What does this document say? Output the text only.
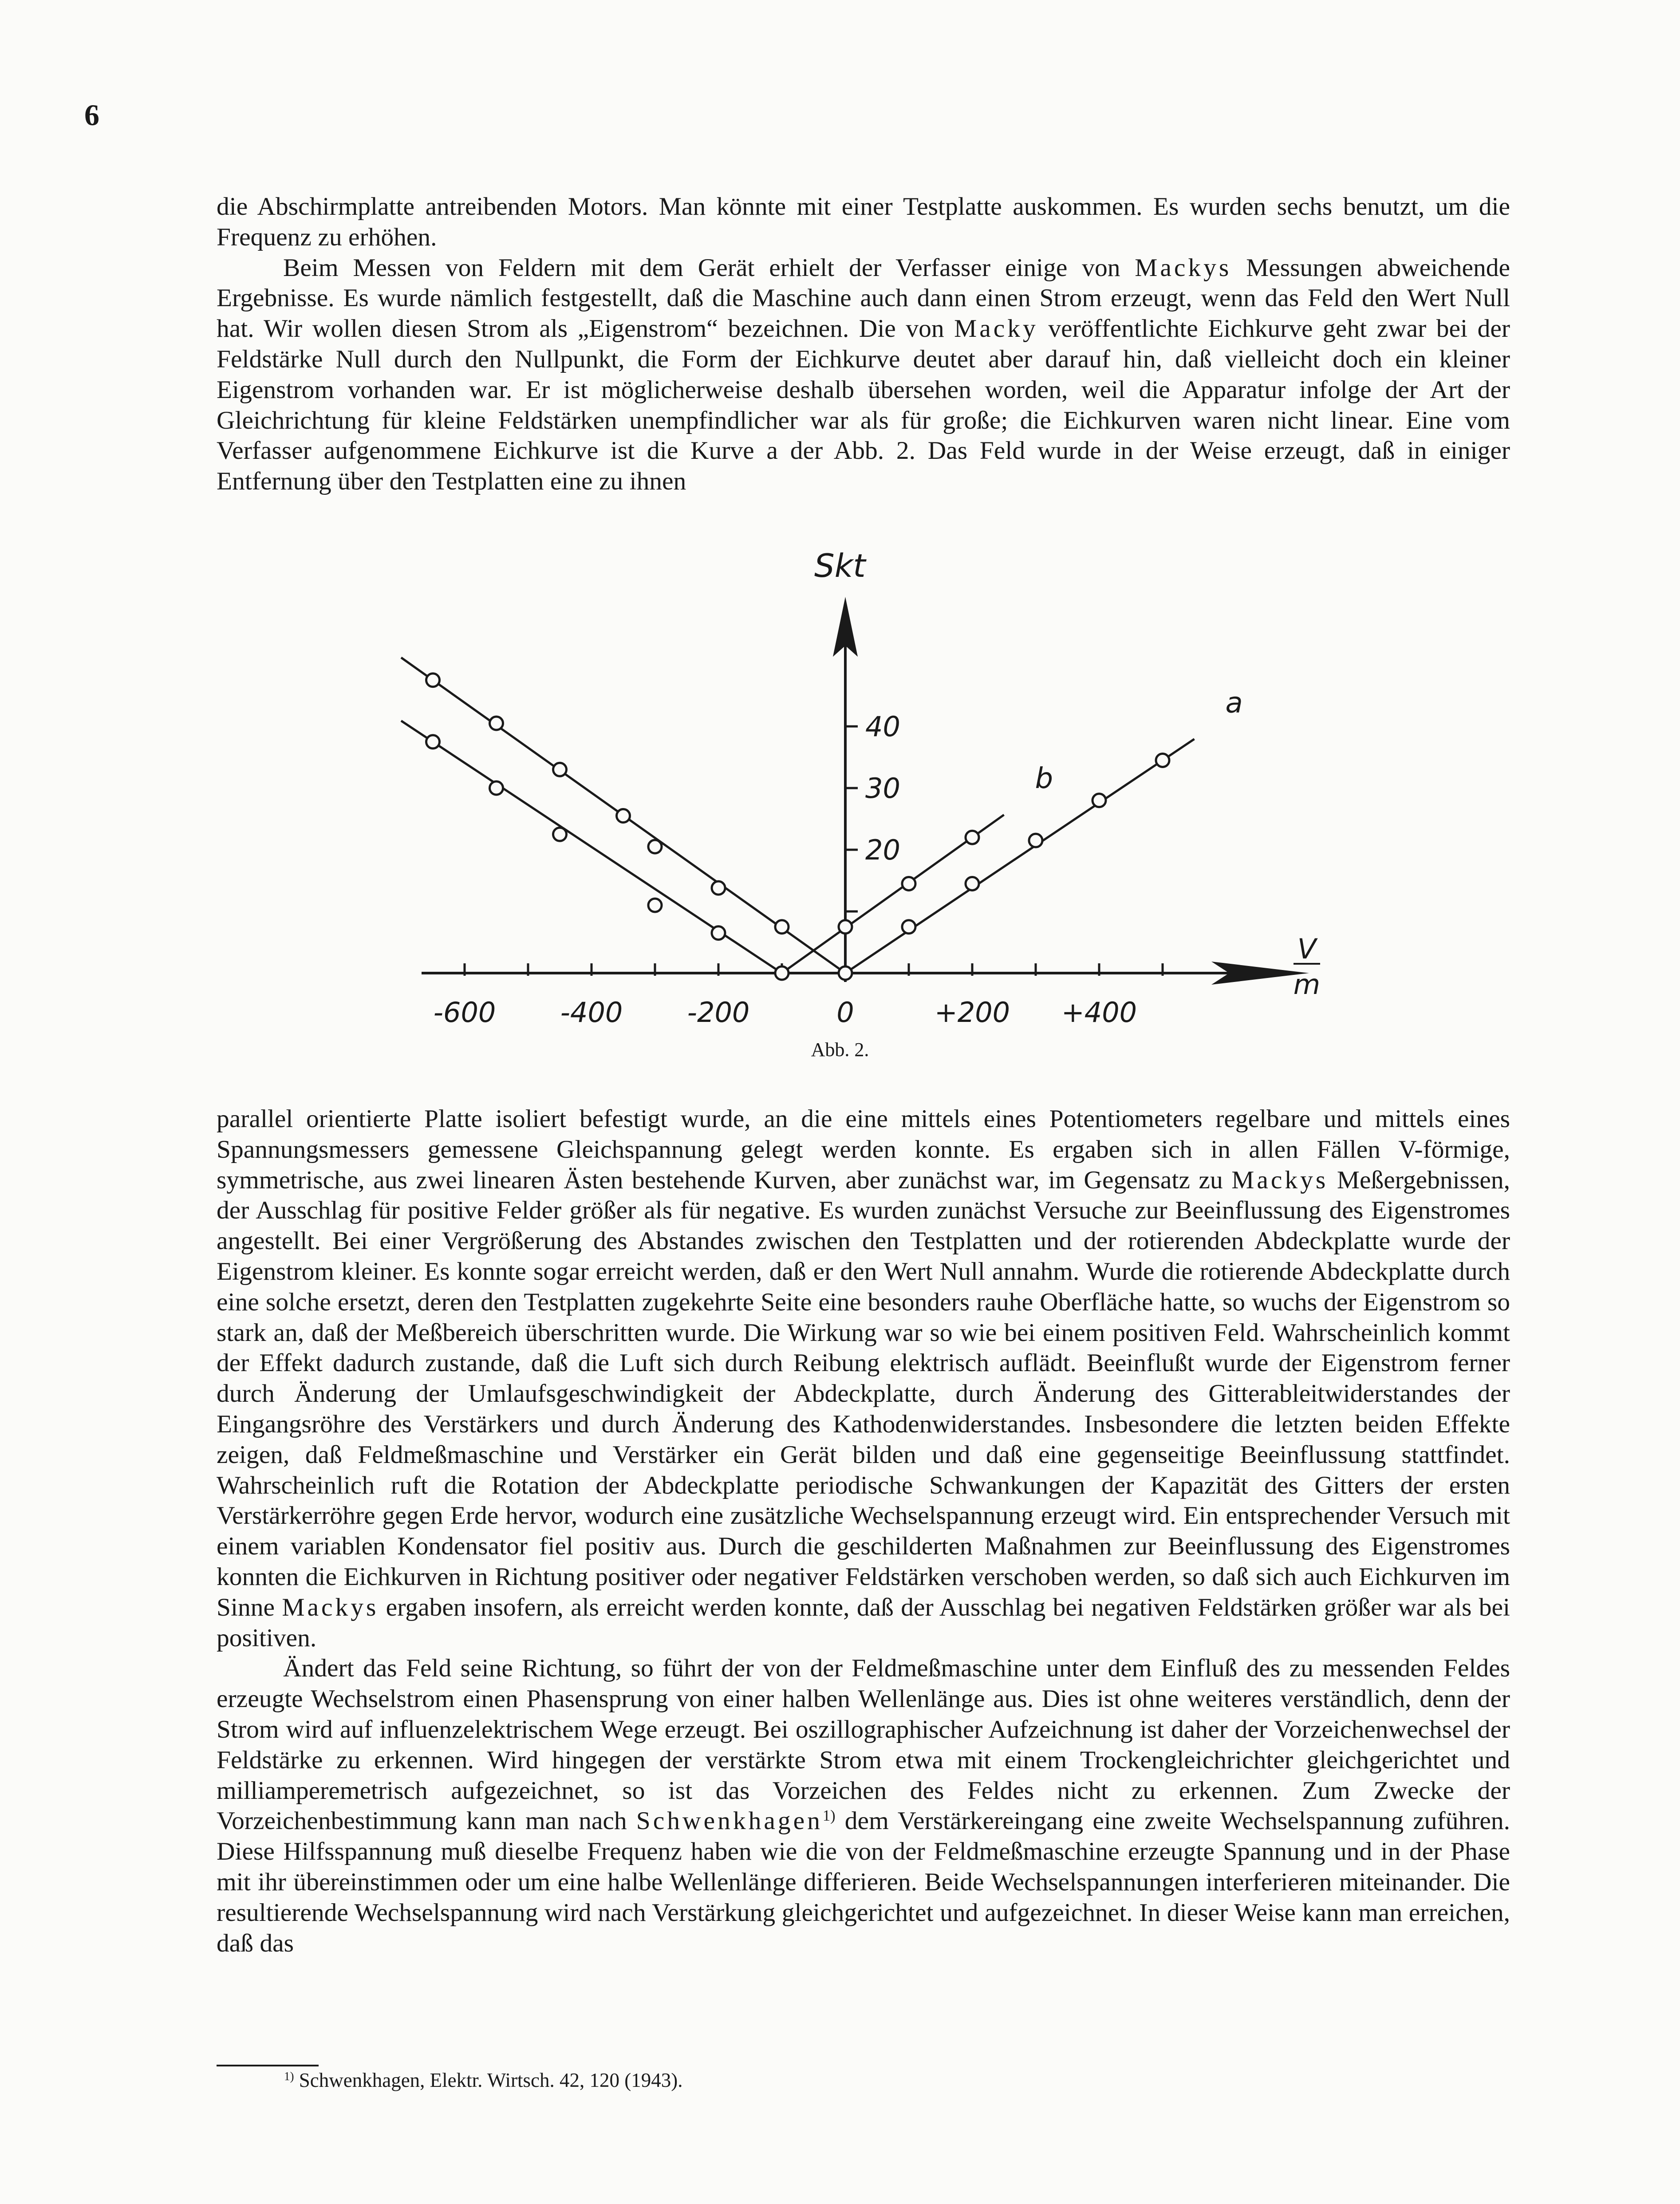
6

die Abschirmplatte antreibenden Motors. Man könnte mit einer Testplatte auskommen. Es wurden sechs benutzt, um die Frequenz zu erhöhen.

Beim Messen von Feldern mit dem Gerät erhielt der Verfasser einige von Mackys Messungen abweichende Ergebnisse. Es wurde nämlich festgestellt, daß die Maschine auch dann einen Strom erzeugt, wenn das Feld den Wert Null hat. Wir wollen diesen Strom als „Eigenstrom“ bezeichnen. Die von Macky veröffentlichte Eichkurve geht zwar bei der Feldstärke Null durch den Nullpunkt, die Form der Eichkurve deutet aber darauf hin, daß vielleicht doch ein kleiner Eigenstrom vorhanden war. Er ist möglicherweise deshalb übersehen worden, weil die Apparatur infolge der Art der Gleichrichtung für kleine Feldstärken unempfindlicher war als für große; die Eichkurven waren nicht linear. Eine vom Verfasser aufgenommene Eichkurve ist die Kurve a der Abb. 2. Das Feld wurde in der Weise erzeugt, daß in einiger Entfernung über den Testplatten eine zu ihnen

-600 -400 -200	0	+200 +400
20
30
40
Skt
V
m
a
b
Abb. 2.

parallel orientierte Platte isoliert befestigt wurde, an die eine mittels eines Potentiometers regelbare und mittels eines Spannungsmessers gemessene Gleichspannung gelegt werden konnte. Es ergaben sich in allen Fällen V-förmige, symmetrische, aus zwei linearen Ästen bestehende Kurven, aber zunächst war, im Gegensatz zu Mackys Meßergebnissen, der Ausschlag für positive Felder größer als für negative. Es wurden zunächst Versuche zur Beeinflussung des Eigenstromes angestellt. Bei einer Vergrößerung des Abstandes zwischen den Testplatten und der rotierenden Abdeckplatte wurde der Eigenstrom kleiner. Es konnte sogar erreicht werden, daß er den Wert Null annahm. Wurde die rotierende Abdeckplatte durch eine solche ersetzt, deren den Testplatten zugekehrte Seite eine besonders rauhe Oberfläche hatte, so wuchs der Eigenstrom so stark an, daß der Meßbereich überschritten wurde. Die Wirkung war so wie bei einem positiven Feld. Wahrscheinlich kommt der Effekt dadurch zustande, daß die Luft sich durch Reibung elektrisch auflädt. Beeinflußt wurde der Eigenstrom ferner durch Änderung der Umlaufsgeschwindigkeit der Abdeckplatte, durch Änderung des Gitterableitwiderstandes der Eingangsröhre des Verstärkers und durch Änderung des Kathodenwiderstandes. Insbesondere die letzten beiden Effekte zeigen, daß Feldmeßmaschine und Verstärker ein Gerät bilden und daß eine gegenseitige Beeinflussung stattfindet. Wahrscheinlich ruft die Rotation der Abdeckplatte periodische Schwankungen der Kapazität des Gitters der ersten Verstärkerröhre gegen Erde hervor, wodurch eine zusätzliche Wechselspannung erzeugt wird. Ein entsprechender Versuch mit einem variablen Kondensator fiel positiv aus. Durch die geschilderten Maßnahmen zur Beeinflussung des Eigenstromes konnten die Eichkurven in Richtung positiver oder negativer Feldstärken verschoben werden, so daß sich auch Eichkurven im Sinne Mackys ergaben insofern, als erreicht werden konnte, daß der Ausschlag bei negativen Feldstärken größer war als bei positiven.

Ändert das Feld seine Richtung, so führt der von der Feldmeßmaschine unter dem Einfluß des zu messenden Feldes erzeugte Wechselstrom einen Phasensprung von einer halben Wellenlänge aus. Dies ist ohne weiteres verständlich, denn der Strom wird auf influenzelektrischem Wege erzeugt. Bei oszillographischer Aufzeichnung ist daher der Vorzeichenwechsel der Feldstärke zu erkennen. Wird hingegen der verstärkte Strom etwa mit einem Trockengleichrichter gleichgerichtet und milliamperemetrisch aufgezeichnet, so ist das Vorzeichen des Feldes nicht zu erkennen. Zum Zwecke der Vorzeichenbestimmung kann man nach Schwenkhagen$^{1)}$ dem Verstärkereingang eine zweite Wechselspannung zuführen. Diese Hilfsspannung muß dieselbe Frequenz haben wie die von der Feldmeßmaschine erzeugte Spannung und in der Phase mit ihr übereinstimmen oder um eine halbe Wellenlänge differieren. Beide Wechselspannungen interferieren miteinander. Die resultierende Wechselspannung wird nach Verstärkung gleichgerichtet und aufgezeichnet. In dieser Weise kann man erreichen, daß das

$^{1)}$ Schwenkhagen, Elektr. Wirtsch. 42, 120 (1943).
